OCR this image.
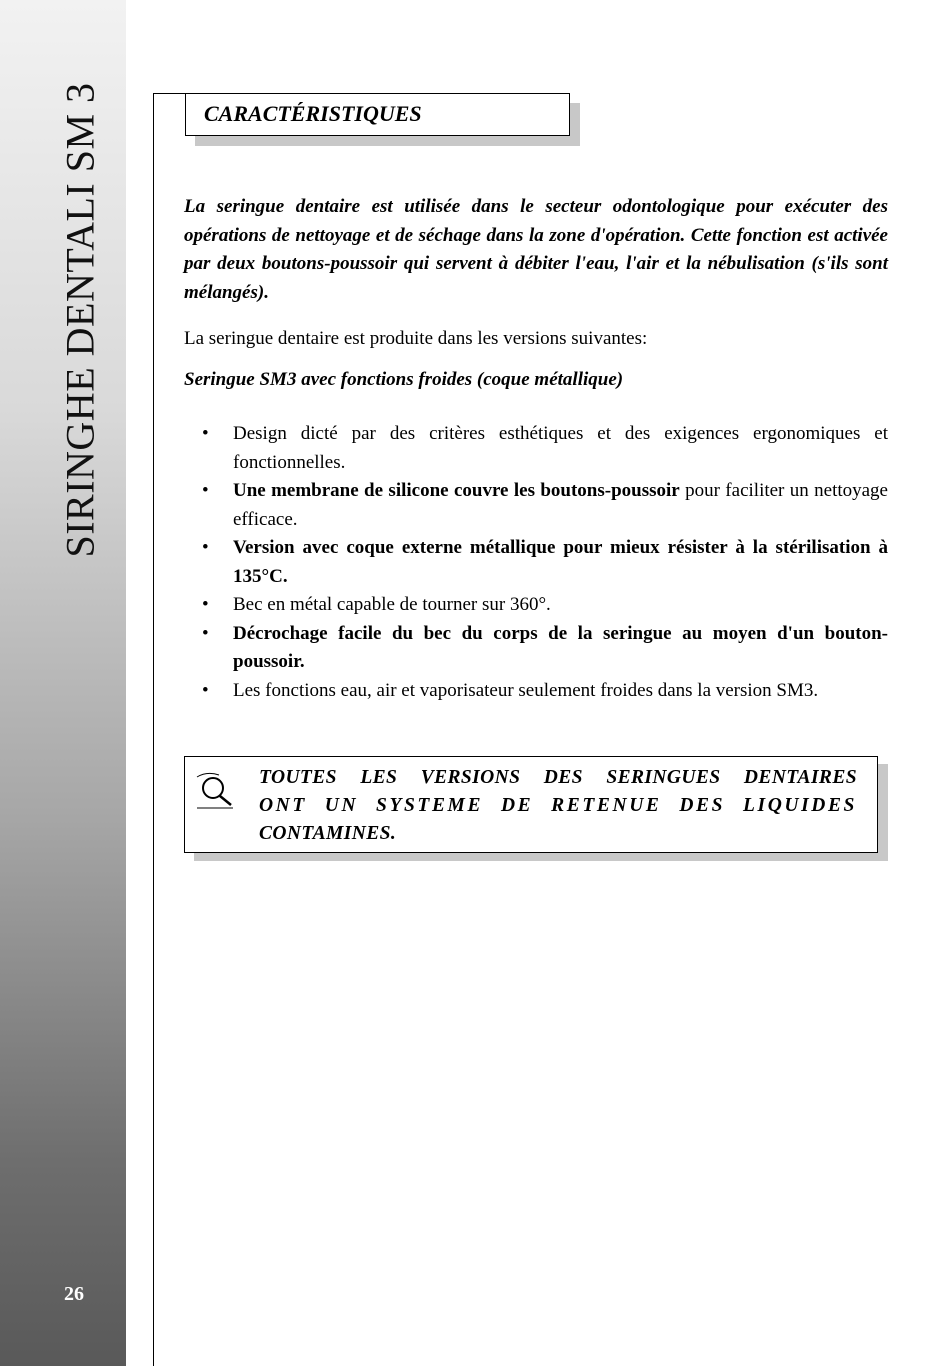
SIRINGHE DENTALI SM 3
26
CARACTÉRISTIQUES

La seringue dentaire est utilisée dans le secteur odontologique pour exécuter des opérations de nettoyage et de séchage dans la zone d'opération. Cette fonction est activée par deux boutons-poussoir qui servent à débiter l'eau, l'air et la nébulisation (s'ils sont mélangés).

La seringue dentaire est produite dans les versions suivantes:

Seringue SM3 avec fonctions froides (coque métallique)

• Design dicté par des critères esthétiques et des exigences ergonomiques et fonctionnelles.
• Une membrane de silicone couvre les boutons-poussoir pour faciliter un nettoyage efficace.
• Version avec coque externe métallique pour mieux résister à la stérilisation à 135°C.
• Bec en métal capable de tourner sur 360°.
• Décrochage facile du bec du corps de la seringue au moyen d'un bouton-poussoir.
• Les fonctions eau, air et vaporisateur seulement froides dans la version SM3.
TOUTES LES VERSIONS DES SERINGUES DENTAIRES
ONT UN SYSTEME DE RETENUE DES LIQUIDES
CONTAMINES.
